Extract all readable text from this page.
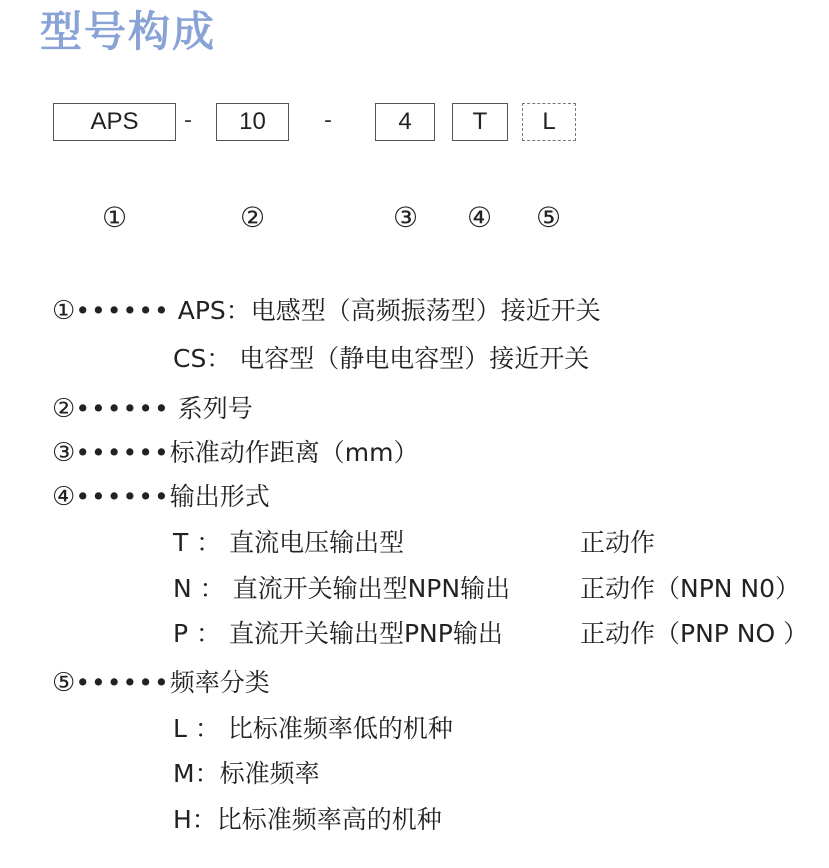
型号构成
APS	-	10	-	4	T	L
①	②	③ ④ ⑤
①•••••• APS：电感型（高频振荡型）接近开关
CS： 电容型（静电电容型）接近开关
②•••••• 系列号
③••••••标准动作距离（mm）
④••••••输出形式
T ： 直流电压输出型	正动作
N ： 直流开关输出型NPN输出	正动作（NPN N0）
P ： 直流开关输出型PNP输出	正动作（PNP NO ）
⑤••••••频率分类
L ： 比标准频率低的机种
M：标准频率
H：比标准频率高的机种
